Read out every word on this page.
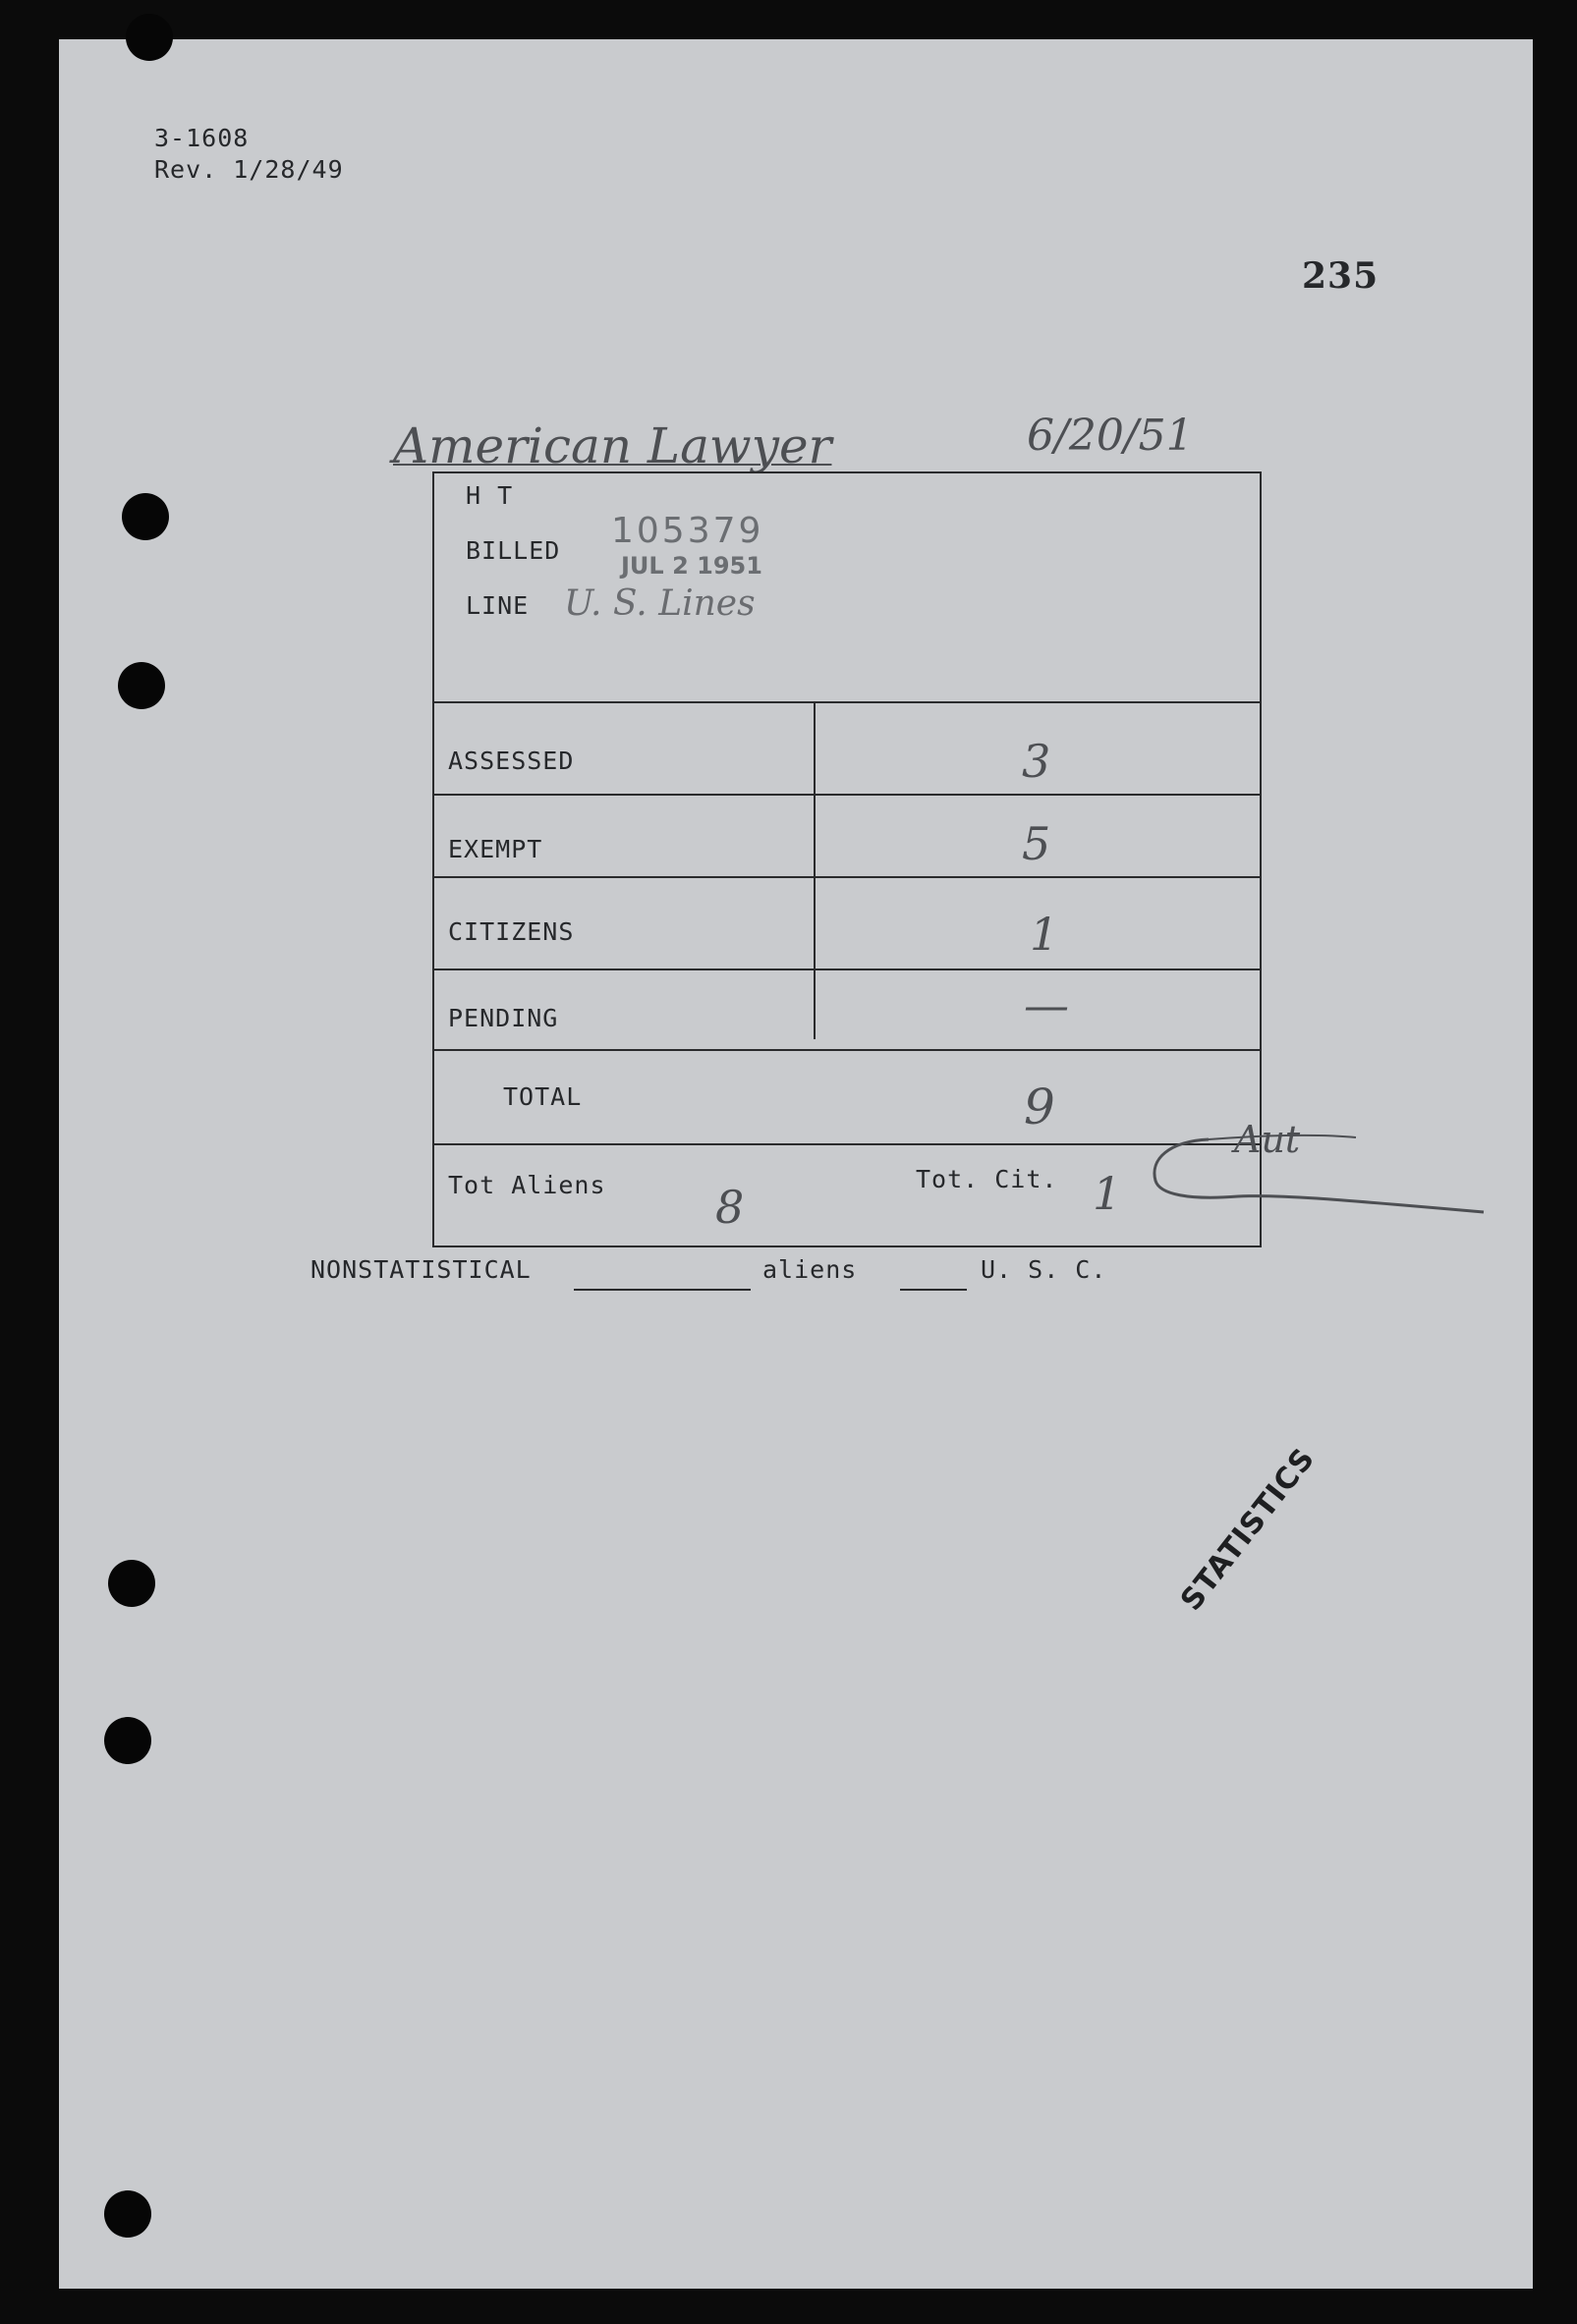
3-1608
Rev. 1/28/49
235
American Lawyer	6/20/51
H T
BILLED 105379
JUL 2 1951
LINE U. S. Lines
ASSESSED	3
EXEMPT	5
CITIZENS	1
PENDING	—
TOTAL	9
Tot Aliens 8
Tot. Cit. 1
Aut
NONSTATISTICAL	aliens	U. S. C.
STATISTICS
